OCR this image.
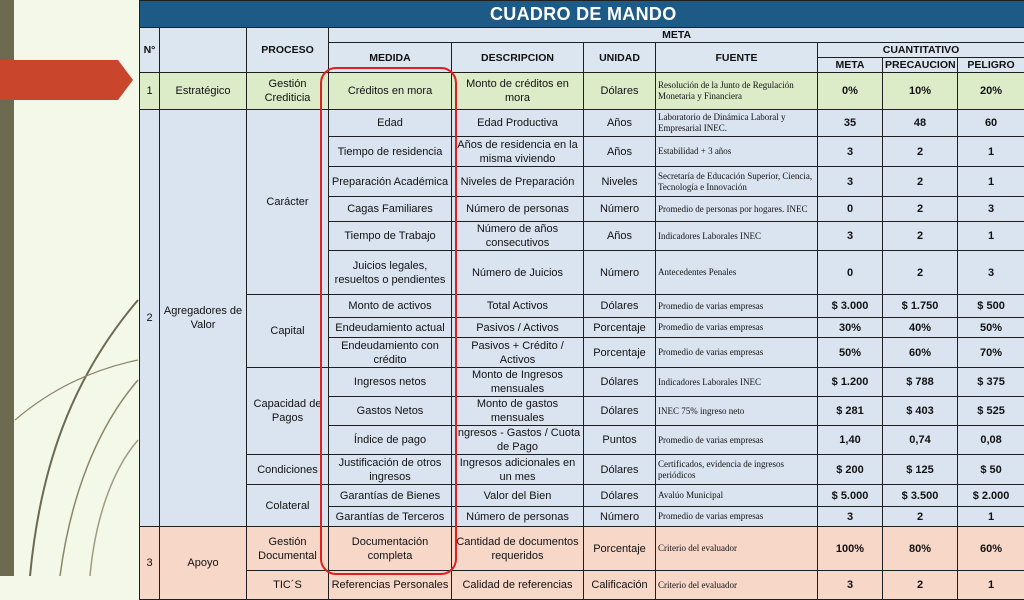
CUADRO DE MANDO									
N°		PROCESO	META						
			MEDIDA	DESCRIPCION	UNIDAD	FUENTE	CUANTITATIVO		
							META	PRECAUCION	PELIGRO
1	Estratégico	Gestión Crediticia	Créditos en mora	Monto de créditos en mora	Dólares	Resolución de la Junto de Regulación Monetaria y Financiera	0%	10%	20%
2	Agregadores de Valor	Carácter	Edad	Edad Productiva	Años	Laboratorio de Dinámica Laboral y Empresarial INEC.	35	48	60
			Tiempo de residencia	Años de residencia en la misma viviendo	Años	Estabilidad + 3 años	3	2	1
			Preparación Académica	Niveles de Preparación	Niveles	Secretaría de Educación Superior, Ciencia, Tecnología e Innovación	3	2	1
			Cagas Familiares	Número de personas	Número	Promedio de personas por hogares. INEC	0	2	3
			Tiempo de Trabajo	Número de años consecutivos	Años	Indicadores Laborales INEC	3	2	1
			Juicios legales, resueltos o pendientes	Número de Juicios	Número	Antecedentes Penales	0	2	3
		Capital	Monto de activos	Total Activos	Dólares	Promedio de varias empresas	$ 3.000	$ 1.750	$ 500
			Endeudamiento actual	Pasivos / Activos	Porcentaje	Promedio de varias empresas	30%	40%	50%
			Endeudamiento con crédito	Pasivos + Crédito / Activos	Porcentaje	Promedio de varias empresas	50%	60%	70%
		Capacidad de Pagos	Ingresos netos	Monto de Ingresos mensuales	Dólares	Indicadores Laborales INEC	$ 1.200	$ 788	$ 375
			Gastos Netos	Monto de gastos mensuales	Dólares	INEC 75% ingreso neto	$ 281	$ 403	$ 525
			Índice de pago	Ingresos - Gastos / Cuota de Pago	Puntos	Promedio de varias empresas	1,40	0,74	0,08
		Condiciones	Justificación de otros ingresos	Ingresos adicionales en un mes	Dólares	Certificados, evidencia de ingresos periódicos	$ 200	$ 125	$ 50
		Colateral	Garantías de Bienes	Valor del Bien	Dólares	Avalúo Municipal	$ 5.000	$ 3.500	$ 2.000
			Garantías de Terceros	Número de personas	Número	Promedio de varias empresas	3	2	1
3	Apoyo	Gestión Documental	Documentación completa	Cantidad de documentos requeridos	Porcentaje	Criterio del evaluador	100%	80%	60%
		TIC´S	Referencias Personales	Calidad de referencias	Calificación	Criterio del evaluador	3	2	1
